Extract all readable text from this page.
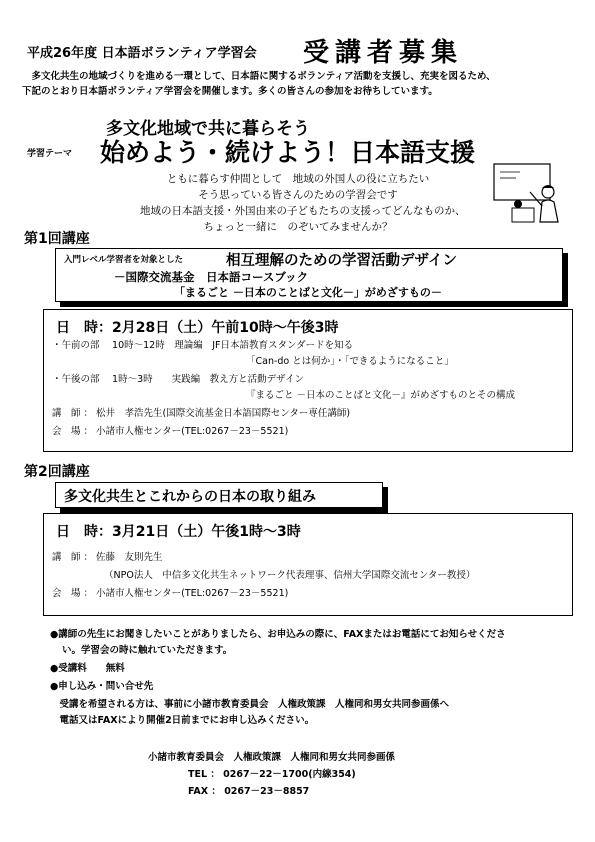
平成26年度 日本語ボランティア学習会 受講者募集
　多文化共生の地域づくりを進める一環として、日本語に関するボランティア活動を支援し、充実を図るため、
下記のとおり日本語ボランティア学習会を開催します。多くの皆さんの参加をお待ちしています。
多文化地域で共に暮らそう
学習テーマ 始めよう・続けよう！日本語支援
ともに暮らす仲間として　地域の外国人の役に立ちたい
そう思っている皆さんのための学習会です
地域の日本語支援・外国由来の子どもたちの支援ってどんなものか、
ちょっと一緒に　のぞいてみませんか？
第1回講座
入門レベル学習者を対象とした	相互理解のための学習活動デザイン
－国際交流基金　日本語コースブック
「まるごと －日本のことばと文化－」がめざすもの－
日　時：2月28日（土）午前10時～午後3時
・午前の部　 10時～12時　理論編　JF日本語教育スタンダードを知る
「Can-do とは何か」・「できるようになること」
・午後の部　 1時～3時　　実践編　教え方と活動デザイン
『まるごと －日本のことばと文化－』がめざすものとその構成
講　師 ： 松井　孝浩先生(国際交流基金日本語国際センター専任講師)
会　場 ： 小諸市人権センター(TEL:0267－23－5521)
第2回講座
多文化共生とこれからの日本の取り組み
日　時：3月21日（土）午後1時～3時
講　師 ： 佐藤　友則先生
（NPO法人　中信多文化共生ネットワーク代表理事、信州大学国際交流センター教授）
会　場 ： 小諸市人権センター(TEL:0267－23－5521)
●講師の先生にお聞きしたいことがありましたら、お申込みの際に、FAXまたはお電話にてお知らせくださ
い。学習会の時に触れていただきます。
●受講料　　無料
●申し込み・問い合せ先
　受講を希望される方は、事前に小諸市教育委員会　人権政策課　人権同和男女共同参画係へ
　電話又はFAXにより開催2日前までにお申し込みください。
小諸市教育委員会　人権政策課　人権同和男女共同参画係
TEL ： 0267－22－1700(内線354)
FAX ： 0267－23－8857
